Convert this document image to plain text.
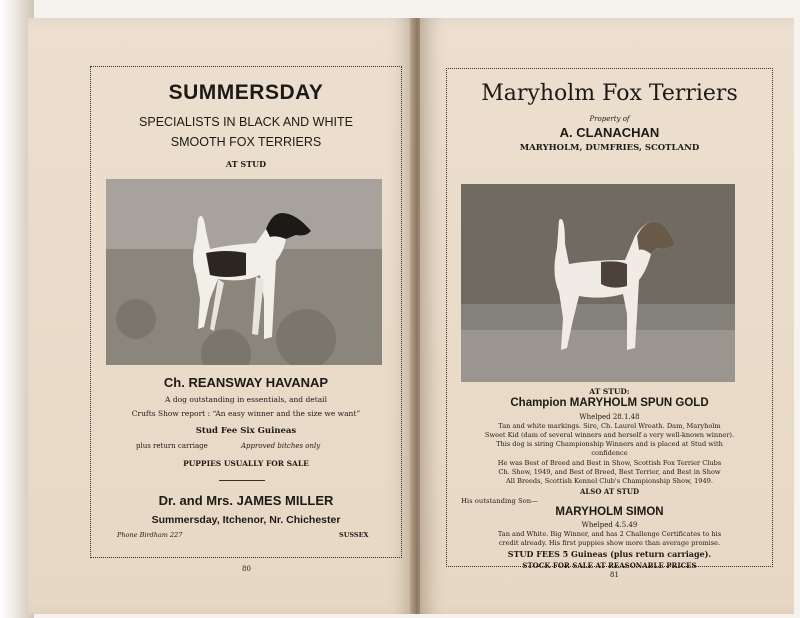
SUMMERSDAY
SPECIALISTS IN BLACK AND WHITE
SMOOTH FOX TERRIERS
AT STUD
Ch. REANSWAY HAVANAP
A dog outstanding in essentials, and detail
Crufts Show report : “An easy winner and the size we want”
Stud Fee Six Guineas
plus return carriage	Approved bitches only
PUPPIES USUALLY FOR SALE
Dr. and Mrs. JAMES MILLER
Summersday, Itchenor, Nr. Chichester
Phone Birdham 227	SUSSEX
80
Maryholm Fox Terriers
Property of
A. CLANACHAN
MARYHOLM, DUMFRIES, SCOTLAND
AT STUD:
Champion MARYHOLM SPUN GOLD
Whelped 28.1.48
Tan and white markings. Sire, Ch. Laurel Wreath. Dam, Maryholm
Sweet Kid (dam of several winners and herself a very well-known winner).
This dog is siring Championship Winners and is placed at Stud with
confidence
He was Best of Breed and Best in Show, Scottish Fox Terrier Clubs
Ch. Show, 1949, and Best of Breed, Best Terrier, and Best in Show
All Breeds, Scottish Kennel Club's Championship Show, 1949.
ALSO AT STUD
His outstanding Son—
MARYHOLM SIMON
Whelped 4.5.49
Tan and White. Big Winner, and has 2 Challenge Certificates to his
credit already. His first puppies show more than average promise.
STUD FEES 5 Guineas (plus return carriage).
STOCK FOR SALE AT REASONABLE PRICES
81
